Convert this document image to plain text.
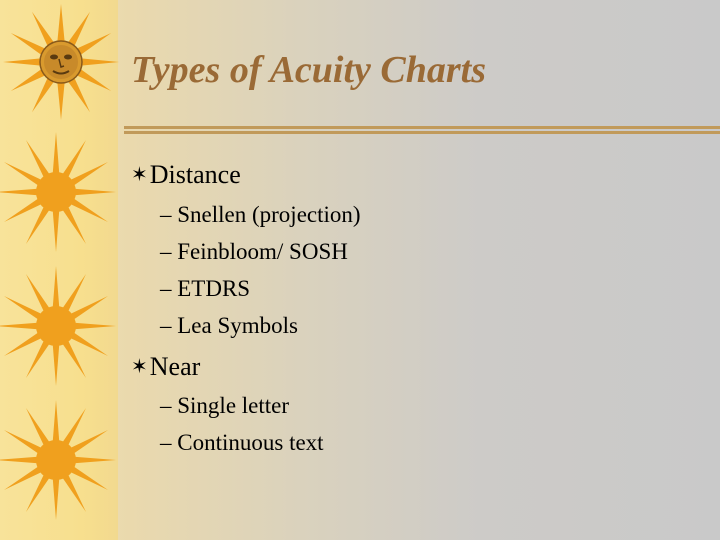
Types of Acuity Charts
✶Distance
– Snellen (projection)
– Feinbloom/ SOSH
– ETDRS
– Lea Symbols
✶Near
– Single letter
– Continuous text
